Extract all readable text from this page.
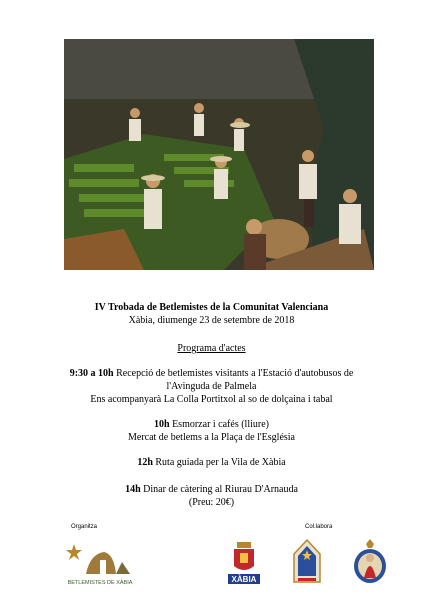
IV Trobada de Betlemistes de la Comunitat Valenciana
Xàbia, diumenge 23 de setembre de 2018
Programa d'actes
9:30 a 10h Recepció de betlemistes visitants a l'Estació d'autobusos de
l'Avinguda de Palmela
Ens acompanyarà La Colla Portitxol al so de dolçaina i tabal
10h Esmorzar i cafés (lliure)
Mercat de betlems a la Plaça de l'Església
12h Ruta guiada per la Vila de Xàbia
14h Dinar de càtering al Riurau D'Arnauda
(Preu: 20€)
Organitza	Col.labora
BETLEMISTES DE XÀBIA	XÀBIA
